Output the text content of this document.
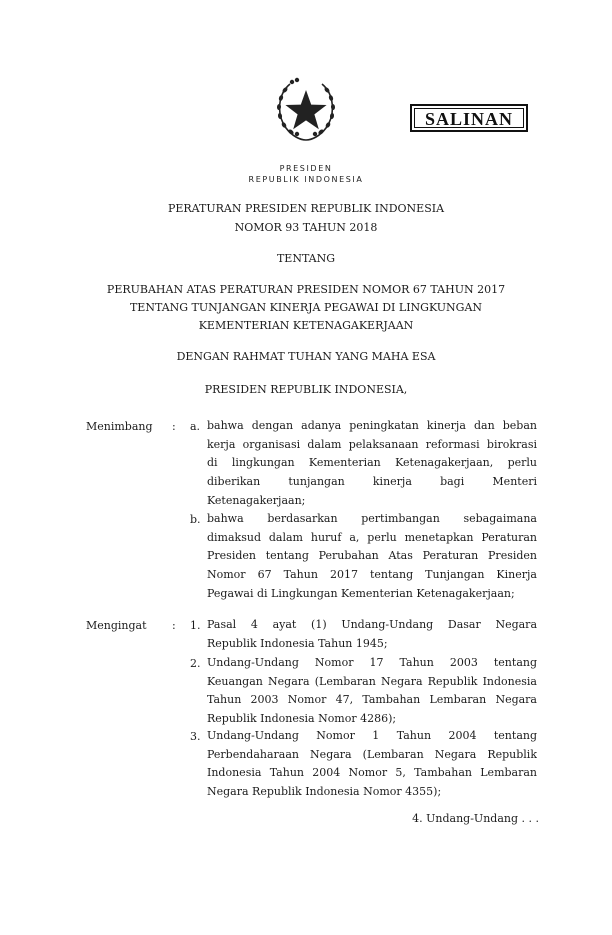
SALINAN
PRESIDEN
REPUBLIK INDONESIA
PERATURAN PRESIDEN REPUBLIK INDONESIA
NOMOR 93 TAHUN 2018
TENTANG
PERUBAHAN ATAS PERATURAN PRESIDEN NOMOR 67 TAHUN 2017
TENTANG TUNJANGAN KINERJA PEGAWAI DI LINGKUNGAN
KEMENTERIAN KETENAGAKERJAAN
DENGAN RAHMAT TUHAN YANG MAHA ESA
PRESIDEN REPUBLIK INDONESIA,
Menimbang : a. bahwa dengan adanya peningkatan kinerja dan beban
kerja organisasi dalam pelaksanaan reformasi birokrasi
di lingkungan Kementerian Ketenagakerjaan, perlu
diberikan tunjangan kinerja bagi Menteri
Ketenagakerjaan;
b. bahwa berdasarkan pertimbangan sebagaimana
dimaksud dalam huruf a, perlu menetapkan Peraturan
Presiden tentang Perubahan Atas Peraturan Presiden
Nomor 67 Tahun 2017 tentang Tunjangan Kinerja
Pegawai di Lingkungan Kementerian Ketenagakerjaan;
Mengingat : 1. Pasal 4 ayat (1) Undang-Undang Dasar Negara
Republik Indonesia Tahun 1945;
2. Undang-Undang Nomor 17 Tahun 2003 tentang
Keuangan Negara (Lembaran Negara Republik Indonesia
Tahun 2003 Nomor 47, Tambahan Lembaran Negara
Republik Indonesia Nomor 4286);
3. Undang-Undang Nomor 1 Tahun 2004 tentang
Perbendaharaan Negara (Lembaran Negara Republik
Indonesia Tahun 2004 Nomor 5, Tambahan Lembaran
Negara Republik Indonesia Nomor 4355);
4. Undang-Undang . . .
